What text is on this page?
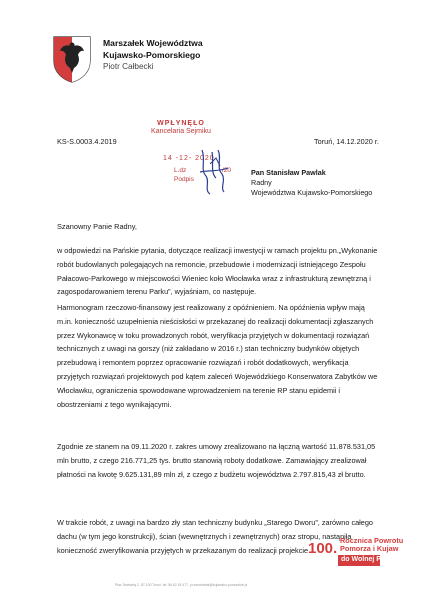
Marszałek Województwa
Kujawsko-Pomorskiego
Piotr Całbecki
KS-S.0003.4.2019	Toruń, 14.12.2020 r.
WPŁYNĘŁO
Kancelaria Sejmiku
14 -12- 2020
L.dz	/20
Podpis
Pan Stanisław Pawlak
Radny
Województwa Kujawsko-Pomorskiego
Szanowny Panie Radny,
w odpowiedzi na Pańskie pytania, dotyczące realizacji inwestycji w ramach projektu pn.„Wykonanie robót budowlanych polegających na remoncie, przebudowie i modernizacji istniejącego Zespołu Pałacowo-Parkowego w miejscowości Wieniec koło Włocławka wraz z infrastrukturą zewnętrzną i zagospodarowaniem terenu Parku”, wyjaśniam, co następuje.
Harmonogram rzeczowo-finansowy jest realizowany z opóźnieniem. Na opóźnienia wpływ mają m.in. konieczność uzupełnienia nieścisłości w przekazanej do realizacji dokumentacji zgłaszanych przez Wykonawcę w toku prowadzonych robót, weryfikacja przyjętych w dokumentacji rozwiązań technicznych z uwagi na gorszy (niż zakładano w 2016 r.) stan techniczny budynków objętych przebudową i remontem poprzez opracowanie rozwiązań i robót dodatkowych, weryfikacja przyjętych rozwiązań projektowych pod kątem zaleceń Wojewódzkiego Konserwatora Zabytków we Włocławku, ograniczenia spowodowane wprowadzeniem na terenie RP stanu epidemii i obostrzeniami z tego wynikającymi.
Zgodnie ze stanem na 09.11.2020 r. zakres umowy zrealizowano na łączną wartość 11.878.531,05 mln brutto, z czego 216.771,25 tys. brutto stanowią roboty dodatkowe. Zamawiający zrealizował płatności na kwotę 9.625.131,89 mln zł, z czego z budżetu województwa 2.797.815,43 zł brutto.
W trakcie robót, z uwagi na bardzo zły stan techniczny budynku „Starego Dworu”, zarówno całego dachu (w tym jego konstrukcji), ścian (wewnętrznych i zewnętrznych) oraz stropu, nastąpiła konieczność zweryfikowania przyjętych w przekazanym do realizacji projekcie
Plac Teatralny 2, 87-100 Toruń, tel. 56 62 18 477, pr.sekretariat@kujawsko-pomorskie.pl
100. Rocznica Powrotu
Pomorza i Kujaw
do Wolnej Polski
